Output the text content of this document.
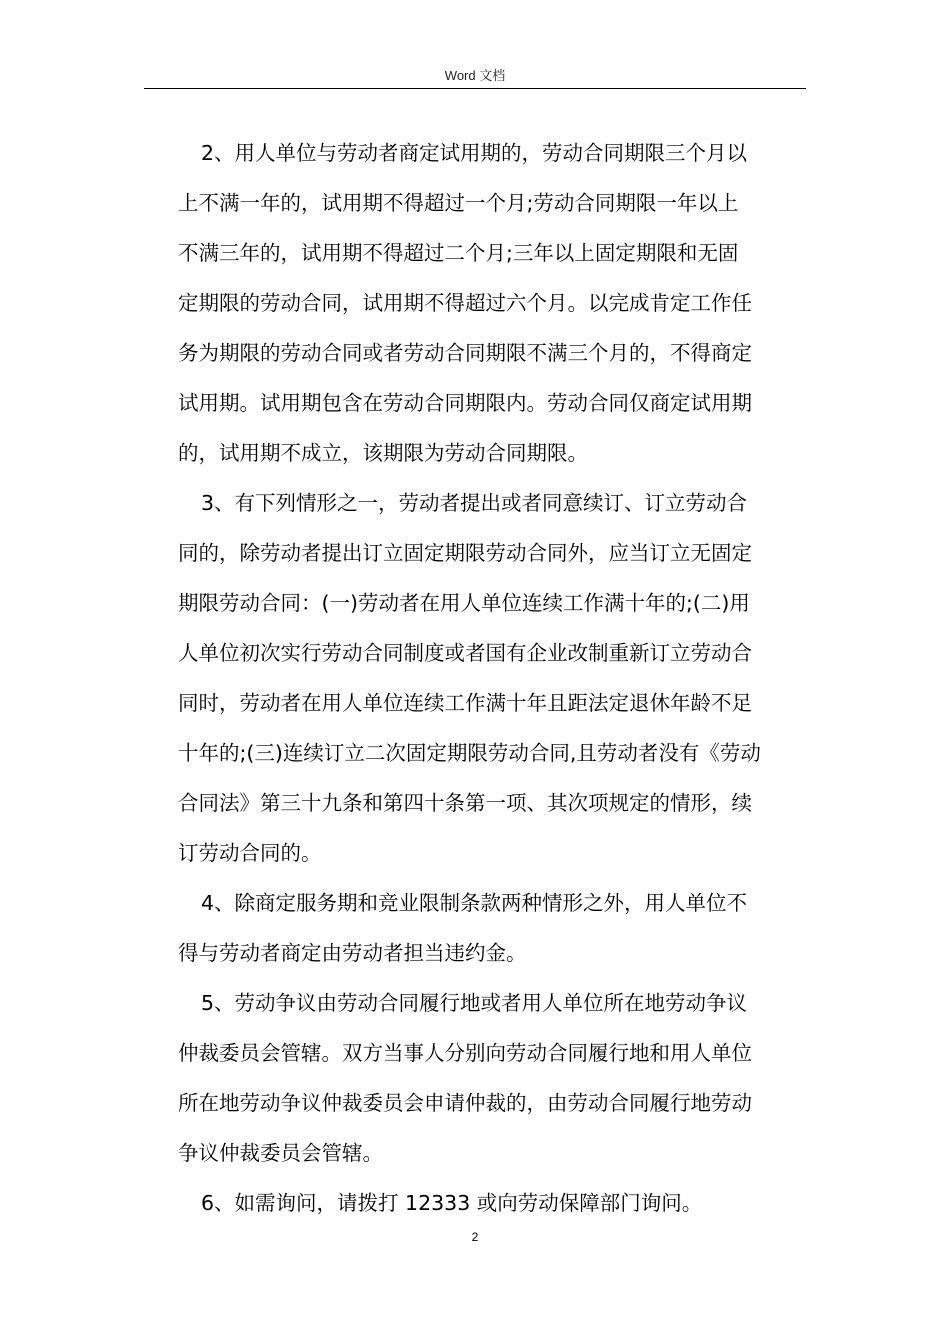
Word 文档

2、用人单位与劳动者商定试用期的，劳动合同期限三个月以
上不满一年的，试用期不得超过一个月;劳动合同期限一年以上
不满三年的，试用期不得超过二个月;三年以上固定期限和无固
定期限的劳动合同，试用期不得超过六个月。以完成肯定工作任
务为期限的劳动合同或者劳动合同期限不满三个月的，不得商定
试用期。试用期包含在劳动合同期限内。劳动合同仅商定试用期
的，试用期不成立，该期限为劳动合同期限。

3、有下列情形之一，劳动者提出或者同意续订、订立劳动合
同的，除劳动者提出订立固定期限劳动合同外，应当订立无固定
期限劳动合同：(一)劳动者在用人单位连续工作满十年的;(二)用
人单位初次实行劳动合同制度或者国有企业改制重新订立劳动合
同时，劳动者在用人单位连续工作满十年且距法定退休年龄不足
十年的;(三)连续订立二次固定期限劳动合同,且劳动者没有《劳动
合同法》第三十九条和第四十条第一项、其次项规定的情形，续
订劳动合同的。

4、除商定服务期和竞业限制条款两种情形之外，用人单位不
得与劳动者商定由劳动者担当违约金。

5、劳动争议由劳动合同履行地或者用人单位所在地劳动争议
仲裁委员会管辖。双方当事人分别向劳动合同履行地和用人单位
所在地劳动争议仲裁委员会申请仲裁的，由劳动合同履行地劳动
争议仲裁委员会管辖。

6、如需询问，请拨打 12333 或向劳动保障部门询问。

2
